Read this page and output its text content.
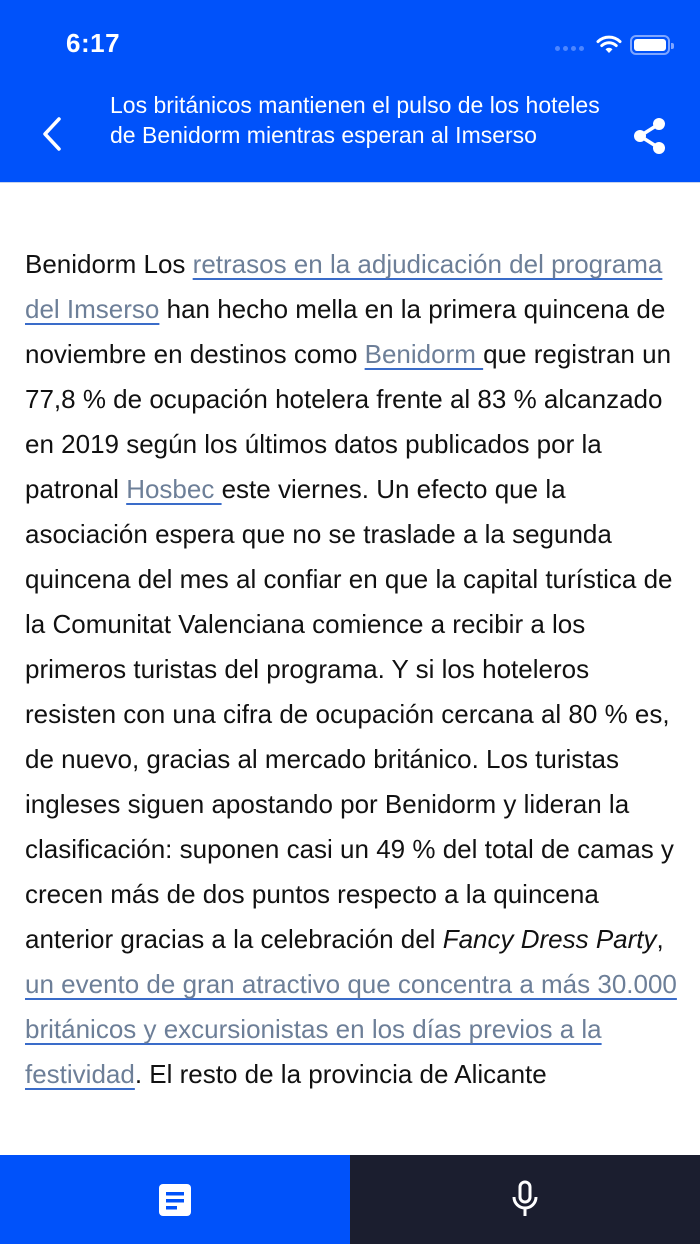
6:17
Los británicos mantienen el pulso de los hoteles de Benidorm mientras esperan al Imserso
Benidorm Los retrasos en la adjudicación del programa del Imserso han hecho mella en la primera quincena de noviembre en destinos como Benidorm que registran un 77,8 % de ocupación hotelera frente al 83 % alcanzado en 2019 según los últimos datos publicados por la patronal Hosbec este viernes. Un efecto que la asociación espera que no se traslade a la segunda quincena del mes al confiar en que la capital turística de la Comunitat Valenciana comience a recibir a los primeros turistas del programa. Y si los hoteleros resisten con una cifra de ocupación cercana al 80 % es, de nuevo, gracias al mercado británico. Los turistas ingleses siguen apostando por Benidorm y lideran la clasificación: suponen casi un 49 % del total de camas y crecen más de dos puntos respecto a la quincena anterior gracias a la celebración del Fancy Dress Party, un evento de gran atractivo que concentra a más 30.000 británicos y excursionistas en los días previos a la festividad. El resto de la provincia de Alicante
